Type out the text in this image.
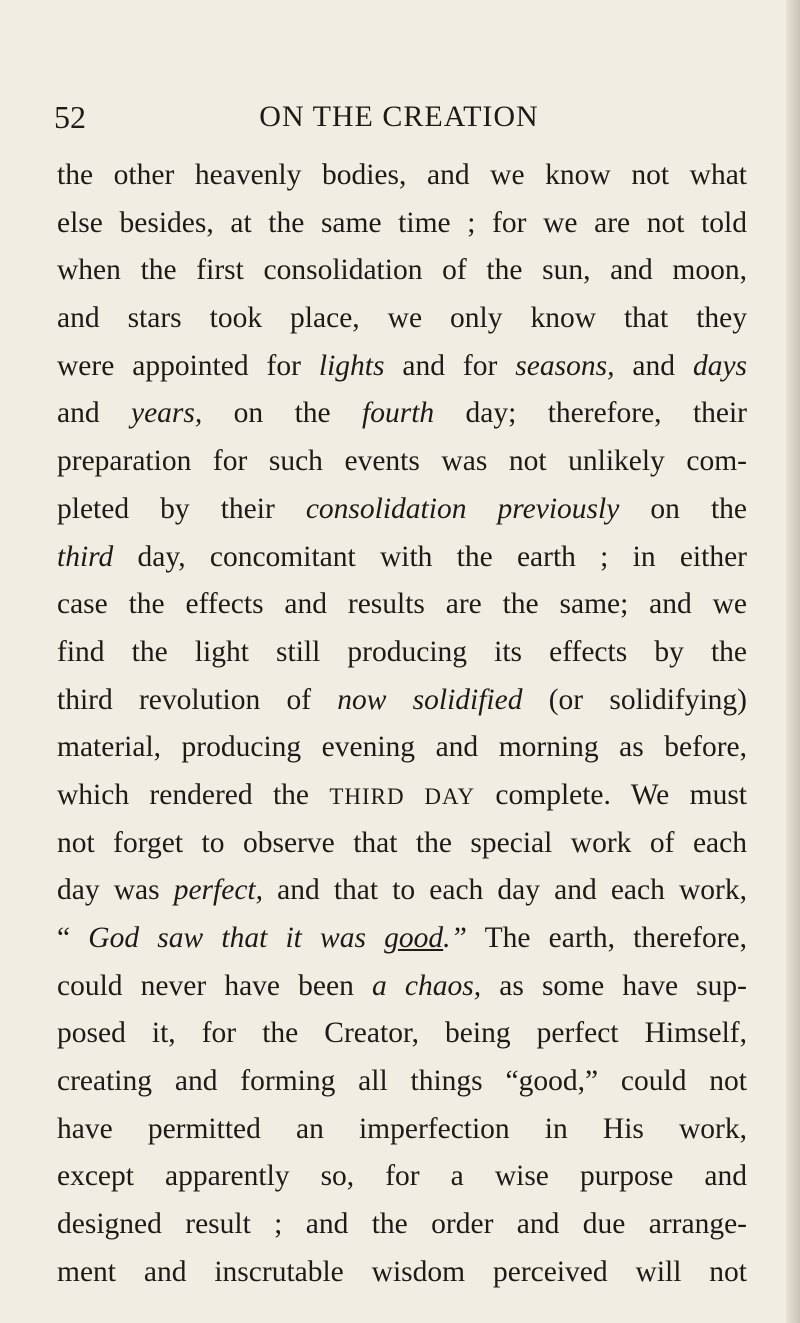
52	ON THE CREATION
the other heavenly bodies, and we know not what
else besides, at the same time ; for we are not told
when the first consolidation of the sun, and moon,
and stars took place, we only know that they
were appointed for lights and for seasons, and days
and years, on the fourth day; therefore, their
preparation for such events was not unlikely com-
pleted by their consolidation previously on the
third day, concomitant with the earth ; in either
case the effects and results are the same; and we
find the light still producing its effects by the
third revolution of now solidified (or solidifying)
material, producing evening and morning as before,
which rendered the THIRD DAY complete. We must
not forget to observe that the special work of each
day was perfect, and that to each day and each work,
“ God saw that it was good.” The earth, therefore,
could never have been a chaos, as some have sup-
posed it, for the Creator, being perfect Himself,
creating and forming all things “good,” could not
have permitted an imperfection in His work,
except apparently so, for a wise purpose and
designed result ; and the order and due arrange-
ment and inscrutable wisdom perceived will not
